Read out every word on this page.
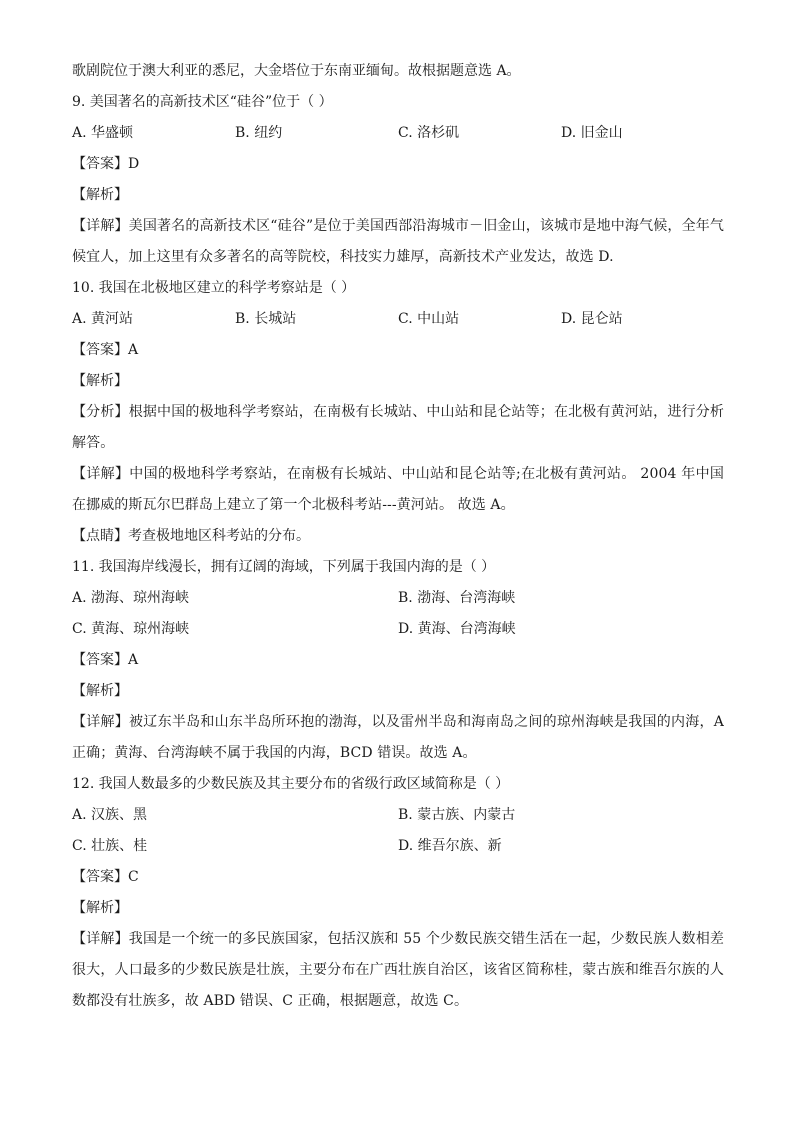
歌剧院位于澳大利亚的悉尼，大金塔位于东南亚缅甸。故根据题意选 A。
9. 美国著名的高新技术区“硅谷”位于（ ）
A. 华盛顿	B. 纽约	C. 洛杉矶	D. 旧金山
【答案】D
【解析】
【详解】美国著名的高新技术区“硅谷”是位于美国西部沿海城市－旧金山，该城市是地中海气候，全年气候宜人，加上这里有众多著名的高等院校，科技实力雄厚，高新技术产业发达，故选 D.
10. 我国在北极地区建立的科学考察站是（ ）
A. 黄河站	B. 长城站	C. 中山站	D. 昆仑站
【答案】A
【解析】
【分析】根据中国的极地科学考察站，在南极有长城站、中山站和昆仑站等；在北极有黄河站，进行分析解答。
【详解】中国的极地科学考察站，在南极有长城站、中山站和昆仑站等;在北极有黄河站。 2004 年中国在挪威的斯瓦尔巴群岛上建立了第一个北极科考站---黄河站。 故选 A。
【点睛】考查极地地区科考站的分布。
11. 我国海岸线漫长，拥有辽阔的海域，下列属于我国内海的是（ ）
A. 渤海、琼州海峡	B. 渤海、台湾海峡
C. 黄海、琼州海峡	D. 黄海、台湾海峡
【答案】A
【解析】
【详解】被辽东半岛和山东半岛所环抱的渤海，以及雷州半岛和海南岛之间的琼州海峡是我国的内海，A 正确；黄海、台湾海峡不属于我国的内海，BCD 错误。故选 A。
12. 我国人数最多的少数民族及其主要分布的省级行政区域简称是（ ）
A. 汉族、黑	B. 蒙古族、内蒙古
C. 壮族、桂	D. 维吾尔族、新
【答案】C
【解析】
【详解】我国是一个统一的多民族国家，包括汉族和 55 个少数民族交错生活在一起，少数民族人数相差很大，人口最多的少数民族是壮族，主要分布在广西壮族自治区，该省区简称桂，蒙古族和维吾尔族的人数都没有壮族多，故 ABD 错误、C 正确，根据题意，故选 C。
